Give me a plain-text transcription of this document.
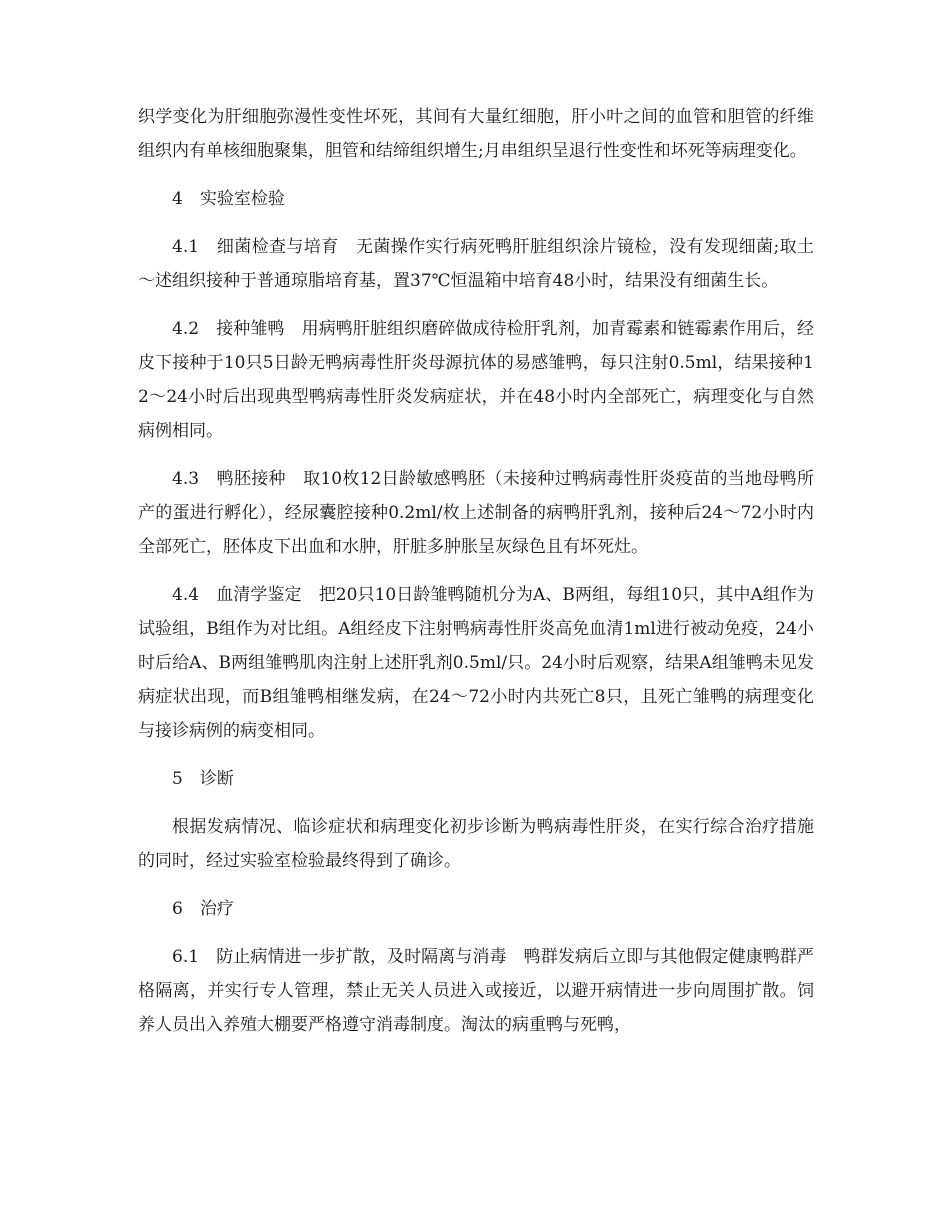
织学变化为肝细胞弥漫性变性坏死，其间有大量红细胞，肝小叶之间的血管和胆管的纤维组织内有单核细胞聚集，胆管和结缔组织增生;月串组织呈退行性变性和坏死等病理变化。

4　实验室检验

4.1　细菌检查与培育　无菌操作实行病死鸭肝脏组织涂片镜检，没有发现细菌;取土～述组织接种于普通琼脂培育基，置37℃恒温箱中培育48小时，结果没有细菌生长。

4.2　接种雏鸭　用病鸭肝脏组织磨碎做成待检肝乳剂，加青霉素和链霉素作用后，经皮下接种于10只5日龄无鸭病毒性肝炎母源抗体的易感雏鸭，每只注射0.5ml，结果接种12～24小时后出现典型鸭病毒性肝炎发病症状，并在48小时内全部死亡，病理变化与自然病例相同。

4.3　鸭胚接种　取10枚12日龄敏感鸭胚（未接种过鸭病毒性肝炎疫苗的当地母鸭所产的蛋进行孵化），经尿囊腔接种0.2ml/枚上述制备的病鸭肝乳剂，接种后24～72小时内全部死亡，胚体皮下出血和水肿，肝脏多肿胀呈灰绿色且有坏死灶。

4.4　血清学鉴定　把20只10日龄雏鸭随机分为A、B两组，每组10只，其中A组作为试验组，B组作为对比组。A组经皮下注射鸭病毒性肝炎高免血清1ml进行被动免疫，24小时后给A、B两组雏鸭肌肉注射上述肝乳剂0.5ml/只。24小时后观察，结果A组雏鸭未见发病症状出现，而B组雏鸭相继发病，在24～72小时内共死亡8只，且死亡雏鸭的病理变化与接诊病例的病变相同。

5　诊断

根据发病情况、临诊症状和病理变化初步诊断为鸭病毒性肝炎，在实行综合治疗措施的同时，经过实验室检验最终得到了确诊。

6　治疗

6.1　防止病情进一步扩散，及时隔离与消毒　鸭群发病后立即与其他假定健康鸭群严格隔离，并实行专人管理，禁止无关人员进入或接近，以避开病情进一步向周围扩散。饲养人员出入养殖大棚要严格遵守消毒制度。淘汰的病重鸭与死鸭，
